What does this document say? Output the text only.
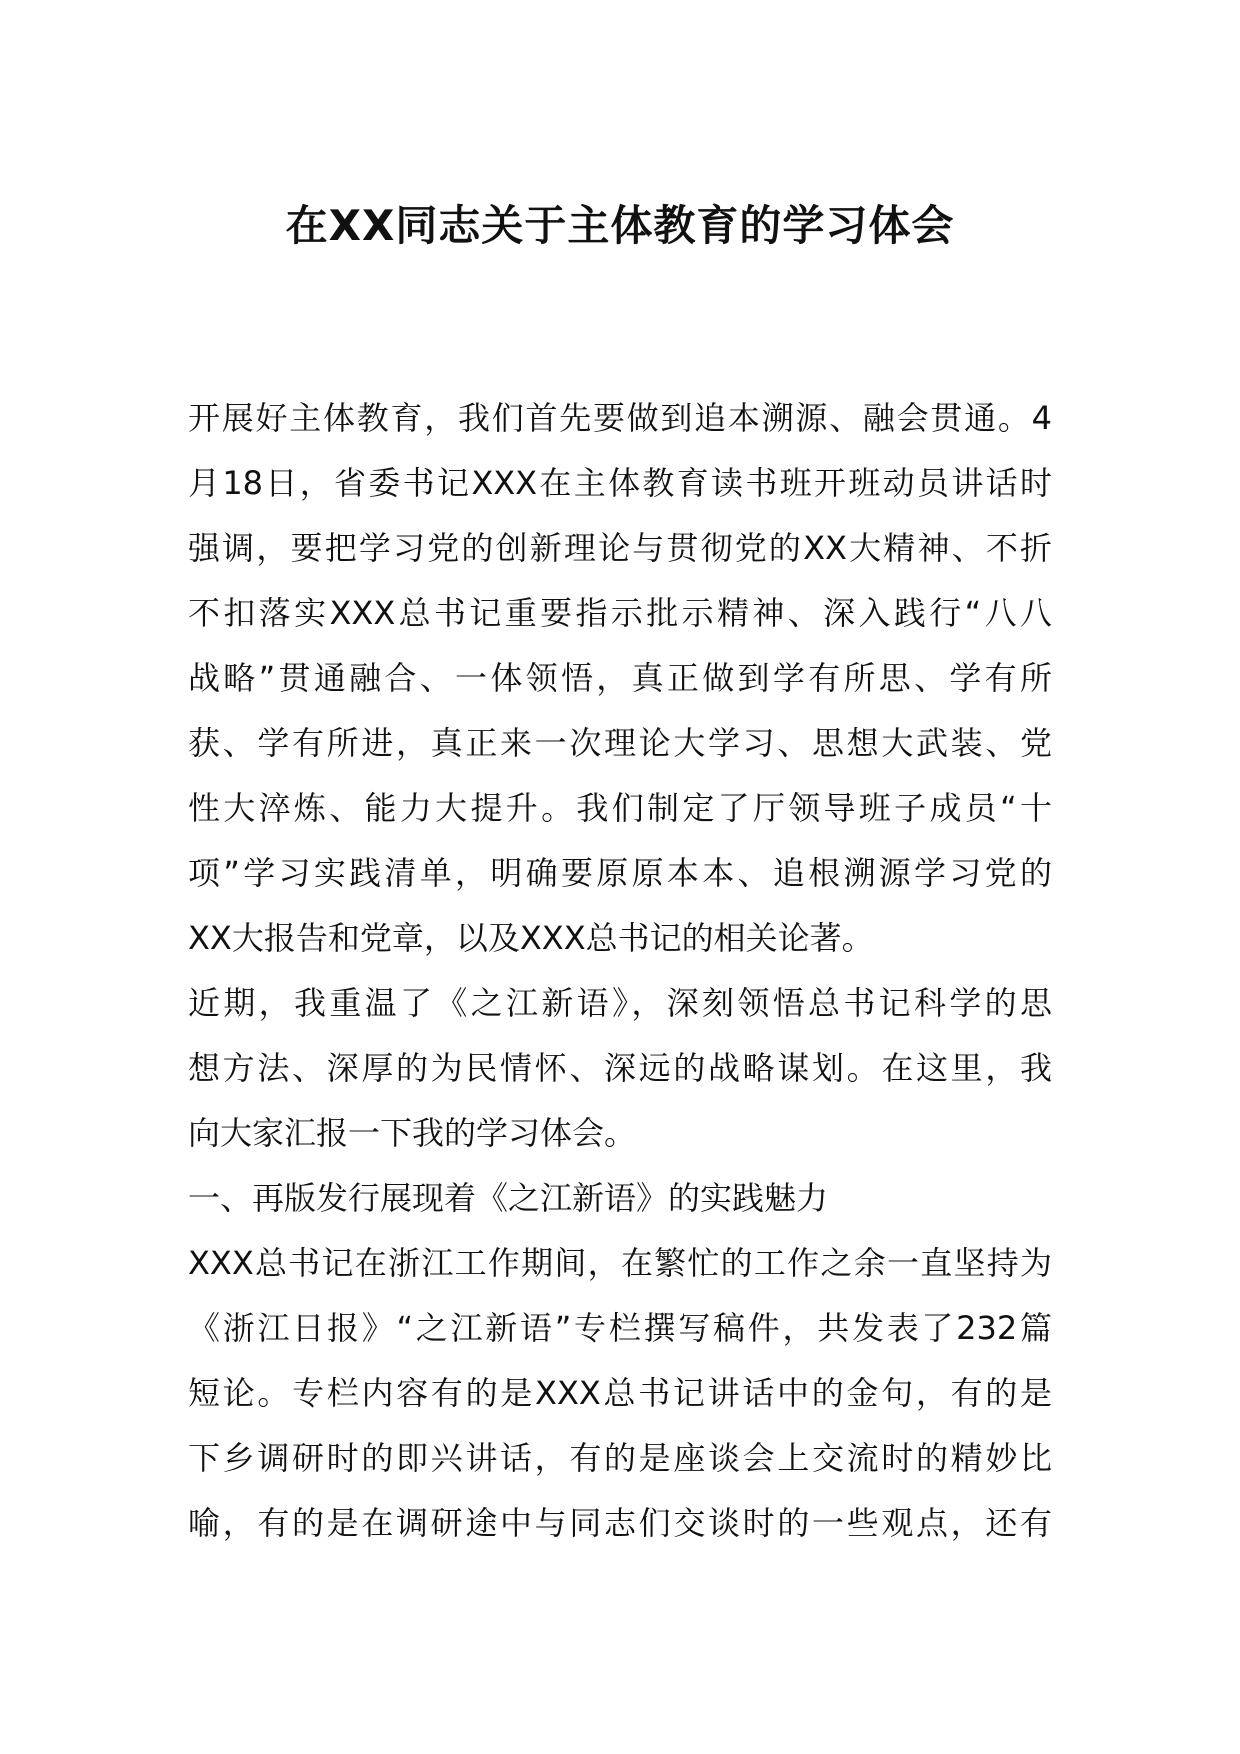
在XX同志关于主体教育的学习体会
开展好主体教育，我们首先要做到追本溯源、融会贯通。4
月18日，省委书记XXX在主体教育读书班开班动员讲话时
强调，要把学习党的创新理论与贯彻党的XX大精神、不折
不扣落实XXX总书记重要指示批示精神、深入践行“八八
战略”贯通融合、一体领悟，真正做到学有所思、学有所
获、学有所进，真正来一次理论大学习、思想大武装、党
性大淬炼、能力大提升。我们制定了厅领导班子成员“十
项”学习实践清单，明确要原原本本、追根溯源学习党的
XX大报告和党章，以及XXX总书记的相关论著。
近期，我重温了《之江新语》，深刻领悟总书记科学的思
想方法、深厚的为民情怀、深远的战略谋划。在这里，我
向大家汇报一下我的学习体会。
一、再版发行展现着《之江新语》的实践魅力
XXX总书记在浙江工作期间，在繁忙的工作之余一直坚持为
《浙江日报》“之江新语”专栏撰写稿件，共发表了232篇
短论。专栏内容有的是XXX总书记讲话中的金句，有的是
下乡调研时的即兴讲话，有的是座谈会上交流时的精妙比
喻，有的是在调研途中与同志们交谈时的一些观点，还有
